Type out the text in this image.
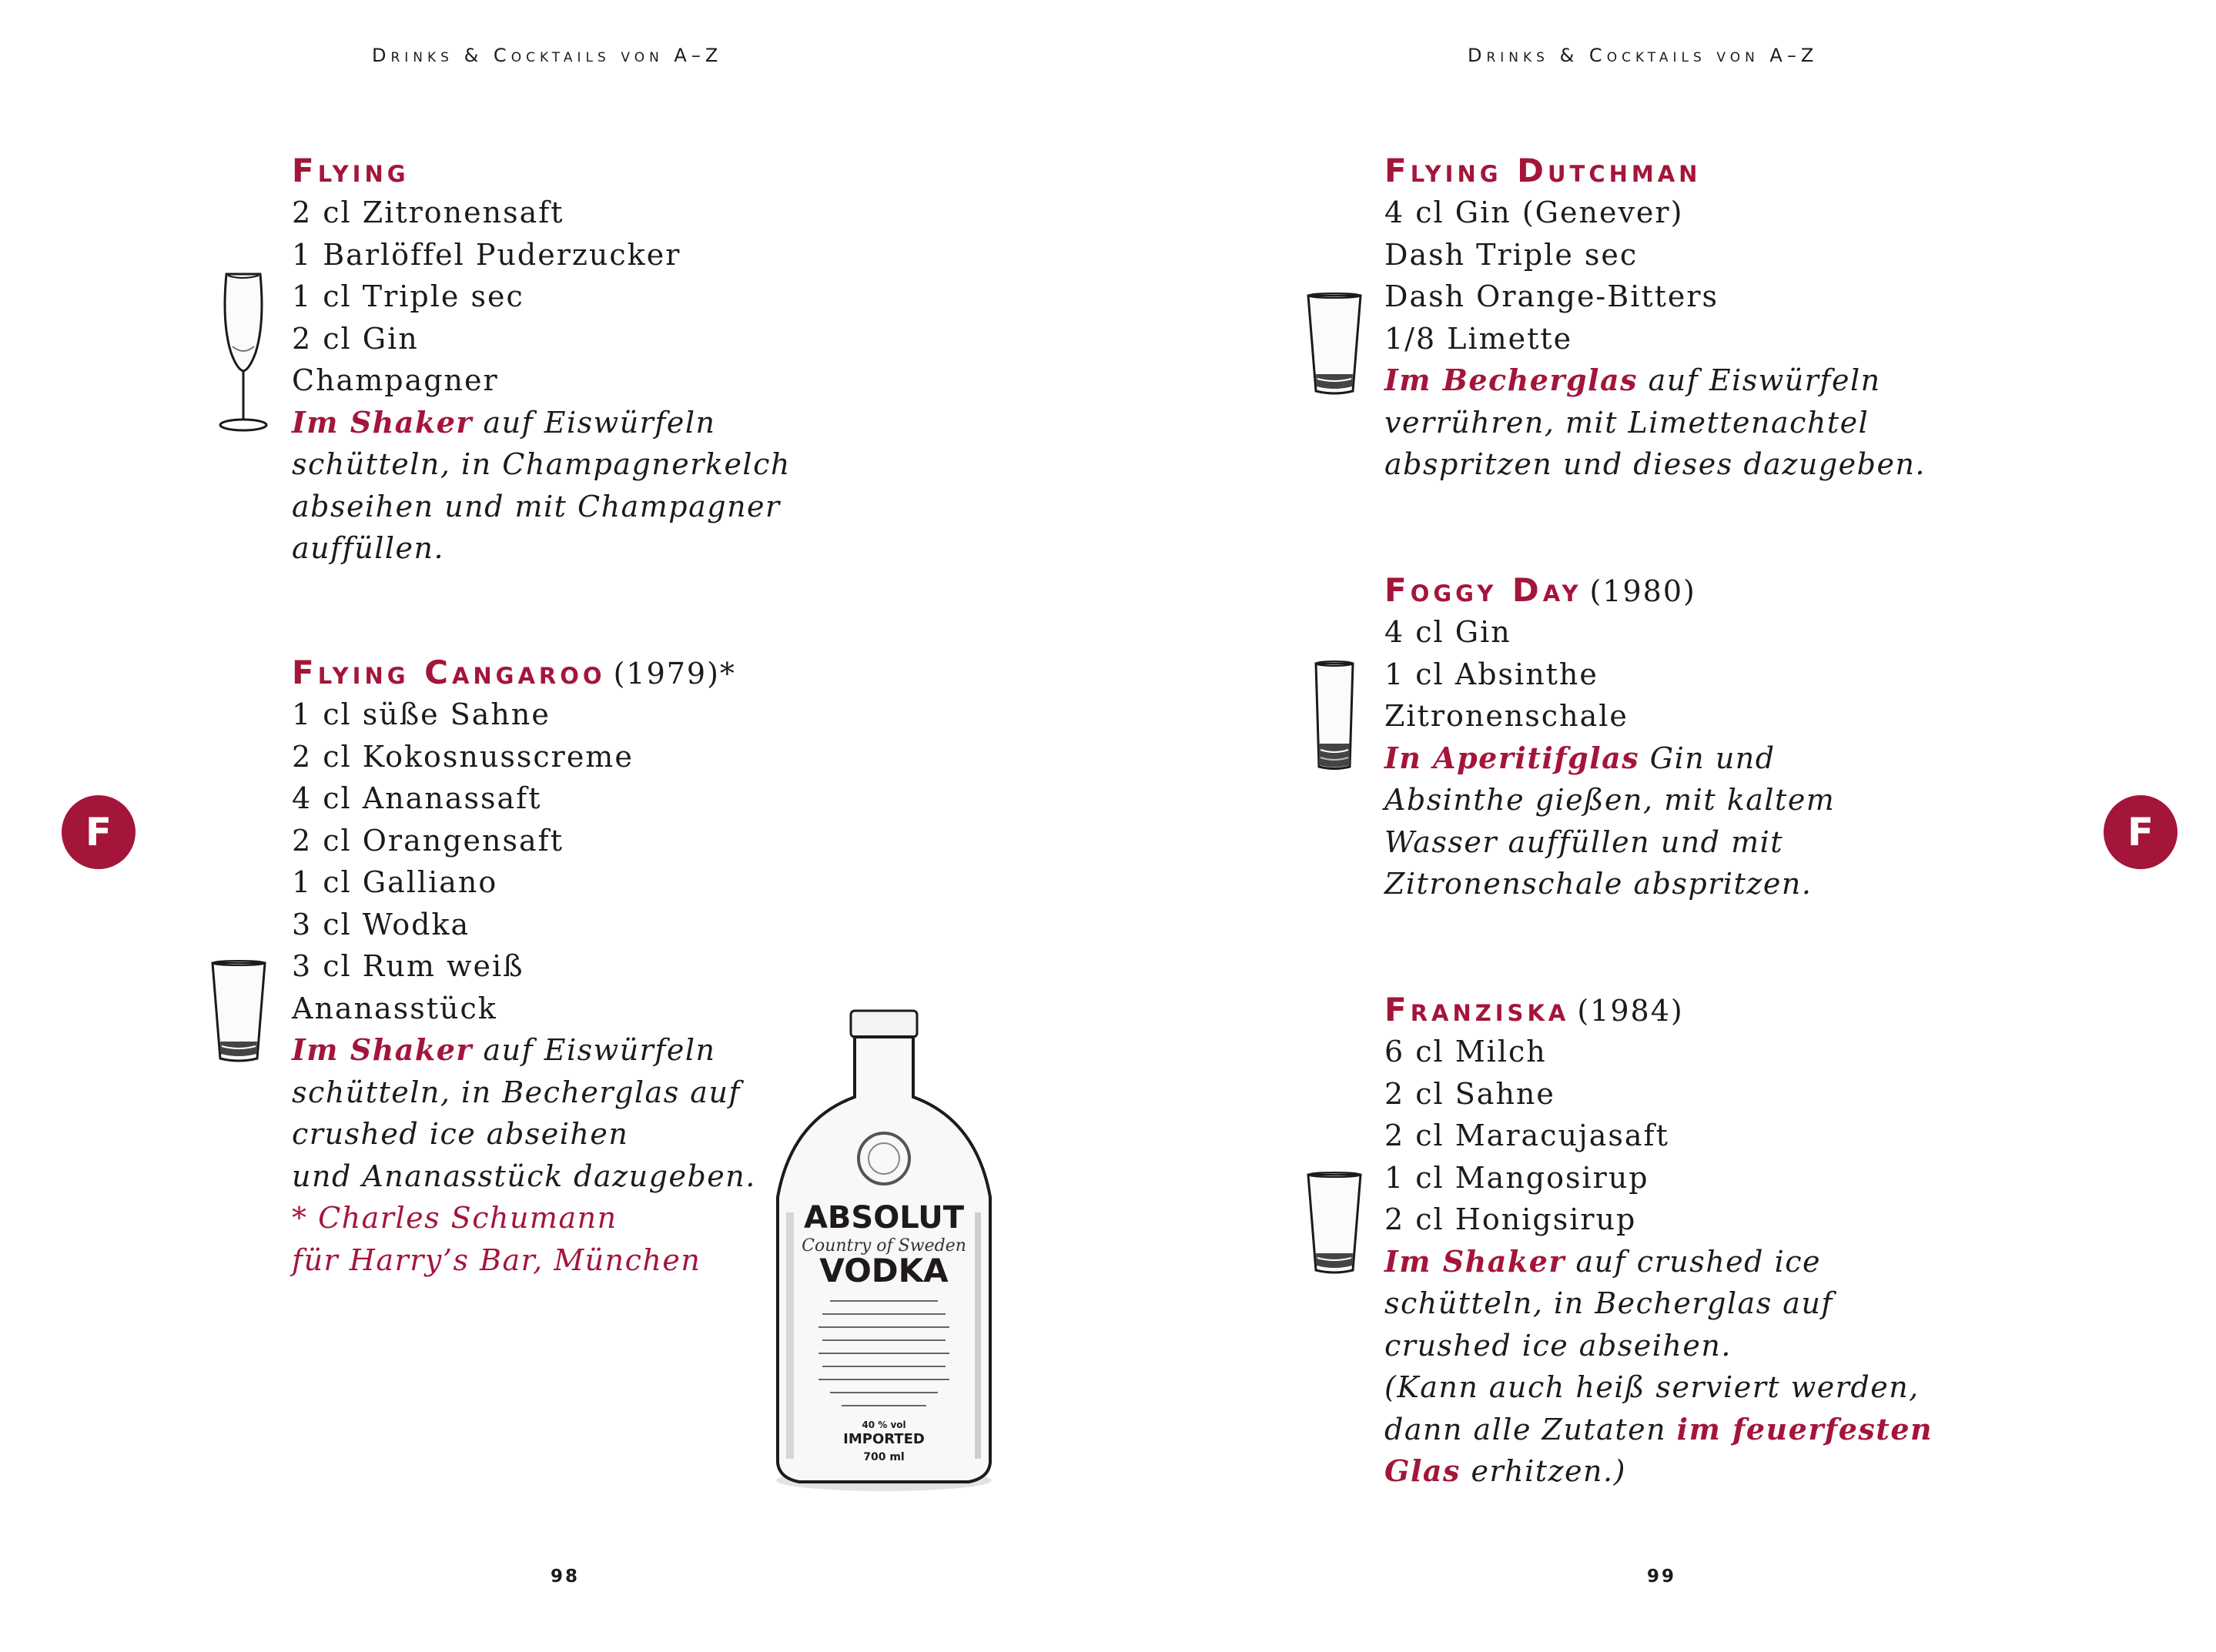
Drinks & Cocktails von A–Z
Flying
2 cl Zitronensaft
1 Barlöffel Puderzucker
1 cl Triple sec
2 cl Gin
Champagner
Im Shaker auf Eiswürfeln
schütteln, in Champagnerkelch
abseihen und mit Champagner
auffüllen.
Flying Cangaroo (1979)*
1 cl süße Sahne
2 cl Kokosnusscreme
4 cl Ananassaft
2 cl Orangensaft
1 cl Galliano
3 cl Wodka
3 cl Rum weiß
Ananasstück
Im Shaker auf Eiswürfeln
schütteln, in Becherglas auf
crushed ice abseihen
und Ananasstück dazugeben.
* Charles Schumann
für Harry’s Bar, München
ABSOLUT
Country of Sweden
VODKA
40 % vol
IMPORTED
700 ml
F
98
Drinks & Cocktails von A–Z
Flying Dutchman
4 cl Gin (Genever)
Dash Triple sec
Dash Orange-Bitters
1/8 Limette
Im Becherglas auf Eiswürfeln
verrühren, mit Limettenachtel
abspritzen und dieses dazugeben.
Foggy Day (1980)
4 cl Gin
1 cl Absinthe
Zitronenschale
In Aperitifglas Gin und
Absinthe gießen, mit kaltem
Wasser auffüllen und mit
Zitronenschale abspritzen.
Franziska (1984)
6 cl Milch
2 cl Sahne
2 cl Maracujasaft
1 cl Mangosirup
2 cl Honigsirup
Im Shaker auf crushed ice
schütteln, in Becherglas auf
crushed ice abseihen.
(Kann auch heiß serviert werden,
dann alle Zutaten im feuerfesten
Glas erhitzen.)
F
99
